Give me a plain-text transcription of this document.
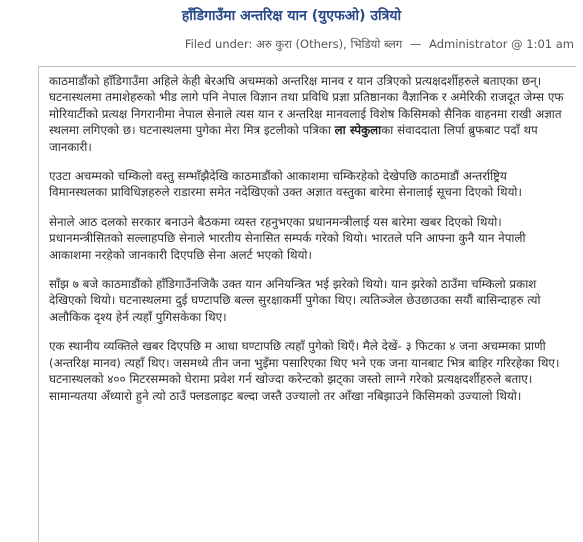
हाँडिगाउँमा अन्तरिक्ष यान (युएफओ) उत्रियो
Filed under: अरु कुरा (Others), भिडियो ब्लग — Administrator @ 1:01 am

काठमाडौंको हाँडिगाउँमा अहिले केही बेरअघि अचम्मको अन्तरिक्ष मानव र यान उत्रिएको प्रत्यक्षदर्शीहरुले बताएका छन्। घटनास्थलमा तमाशेहरुको भीड लागे पनि नेपाल विज्ञान तथा प्रविधि प्रज्ञा प्रतिष्ठानका वैज्ञानिक र अमेरिकी राजदूत जेम्स एफ मोरियार्टीको प्रत्यक्ष निगरानीमा नेपाल सेनाले त्यस यान र अन्तरिक्ष मानवलाई विशेष किसिमको सैनिक वाहनमा राखी अज्ञात स्थलमा लगिएको छ। घटनास्थलमा पुगेका मेरा मित्र इटलीको पत्रिका ला स्पेकुलाका संवाददाता लिर्पा ब्रुफबाट पदाँ थप जानकारी।

एउटा अचम्मको चम्किलो वस्तु सम्भाँझैदेखि काठमाडौंको आकाशमा चम्किरहेको देखेपछि काठमाडौं अन्तर्राष्ट्रिय विमानस्थलका प्राविधिज्ञहरुले राडारमा समेत नदेखिएको उक्त अज्ञात वस्तुका बारेमा सेनालाई सूचना दिएको थियो।

सेनाले आठ दलको सरकार बनाउने बैठकमा व्यस्त रहनुभएका प्रधानमन्त्रीलाई यस बारेमा खबर दिएको थियो। प्रधानमन्त्रीसितको सल्लाहपछि सेनाले भारतीय सेनासित सम्पर्क गरेको थियो। भारतले पनि आफ्ना कुनै यान नेपाली आकाशमा नरहेको जानकारी दिएपछि सेना अलर्ट भएको थियो।

साँझ ७ बजे काठमाडौंको हाँडिगाउँनजिकै उक्त यान अनियन्त्रित भई झरेको थियो। यान झरेको ठाउँमा चम्किलो प्रकाश देखिएको थियो। घटनास्थलमा दुई घण्टापछि बल्ल सुरक्षाकर्मी पुगेका थिए। त्यतिञ्जेल छेउछाउका सयौं बासिन्दाहरु त्यो अलौकिक दृश्य हेर्न त्यहाँ पुगिसकेका थिए।

एक स्थानीय व्यक्तिले खबर दिएपछि म आधा घण्टापछि त्यहाँ पुगेको थिएँ। मैले देखें- ३ फिटका ४ जना अचम्मका प्राणी (अन्तरिक्ष मानव) त्यहाँ थिए। जसमध्ये तीन जना भुइँमा पसारिएका थिए भने एक जना यानबाट भित्र बाहिर गरिरहेका थिए। घटनास्थलको ४०० मिटरसम्मको घेरामा प्रवेश गर्न खोज्दा करेन्टको झट्का जस्तो लाग्ने गरेको प्रत्यक्षदर्शीहरुले बताए। सामान्यतया अँध्यारो हुने त्यो ठाउँ फ्लडलाइट बल्दा जस्तै उज्यालो तर आँखा नबिझाउने किसिमको उज्यालो थियो।
